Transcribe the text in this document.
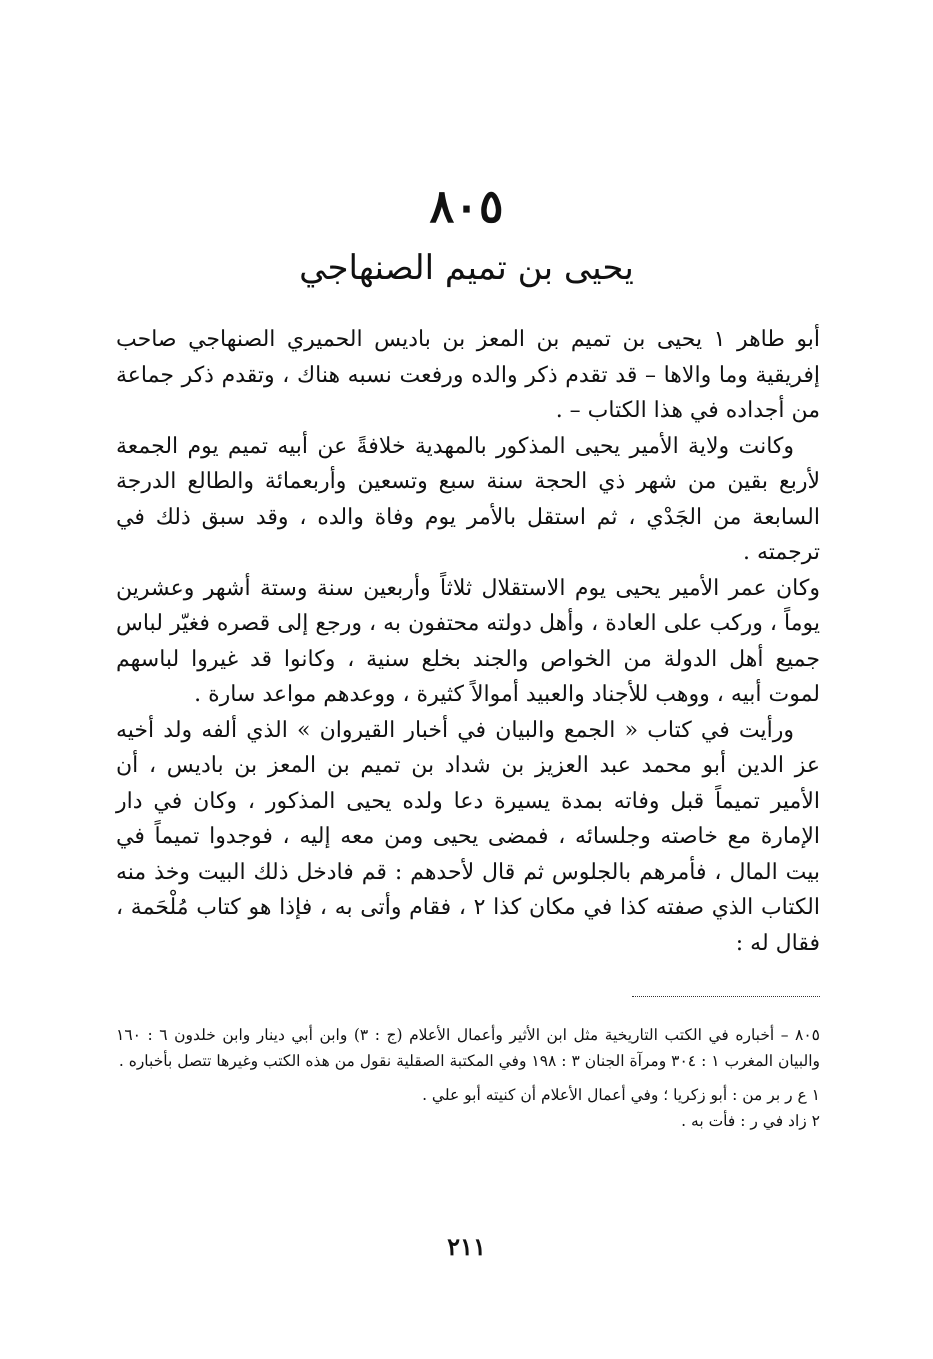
٨٠٥
يحيى بن تميم الصنهاجي

أبو طاهر ١ يحيى بن تميم بن المعز بن باديس الحميري الصنهاجي صاحب إفريقية وما والاها – قد تقدم ذكر والده ورفعت نسبه هناك ، وتقدم ذكر جماعة من أجداده في هذا الكتاب – .

وكانت ولاية الأمير يحيى المذكور بالمهدية خلافةً عن أبيه تميم يوم الجمعة لأربع بقين من شهر ذي الحجة سنة سبع وتسعين وأربعمائة والطالع الدرجة السابعة من الجَدْي ، ثم استقل بالأمر يوم وفاة والده ، وقد سبق ذلك في ترجمته .

وكان عمر الأمير يحيى يوم الاستقلال ثلاثاً وأربعين سنة وستة أشهر وعشرين يوماً ، وركب على العادة ، وأهل دولته محتفون به ، ورجع إلى قصره فغيّر لباس جميع أهل الدولة من الخواص والجند بخلع سنية ، وكانوا قد غيروا لباسهم لموت أبيه ، ووهب للأجناد والعبيد أموالاً كثيرة ، ووعدهم مواعد سارة .

ورأيت في كتاب « الجمع والبيان في أخبار القيروان » الذي ألفه ولد أخيه عز الدين أبو محمد عبد العزيز بن شداد بن تميم بن المعز بن باديس ، أن الأمير تميماً قبل وفاته بمدة يسيرة دعا ولده يحيى المذكور ، وكان في دار الإمارة مع خاصته وجلسائه ، فمضى يحيى ومن معه إليه ، فوجدوا تميماً في بيت المال ، فأمرهم بالجلوس ثم قال لأحدهم : قم فادخل ذلك البيت وخذ منه الكتاب الذي صفته كذا في مكان كذا ٢ ، فقام وأتى به ، فإذا هو كتاب مُلْحَمة ، فقال له :

٨٠٥ – أخباره في الكتب التاريخية مثل ابن الأثير وأعمال الأعلام (ج : ٣) وابن أبي دينار وابن خلدون ٦ : ١٦٠ والبيان المغرب ١ : ٣٠٤ ومرآة الجنان ٣ : ١٩٨ وفي المكتبة الصقلية نقول من هذه الكتب وغيرها تتصل بأخباره .

١ ع ر بر من : أبو زكريا ؛ وفي أعمال الأعلام أن كنيته أبو علي .

٢ زاد في ر : فأت به .

٢١١
